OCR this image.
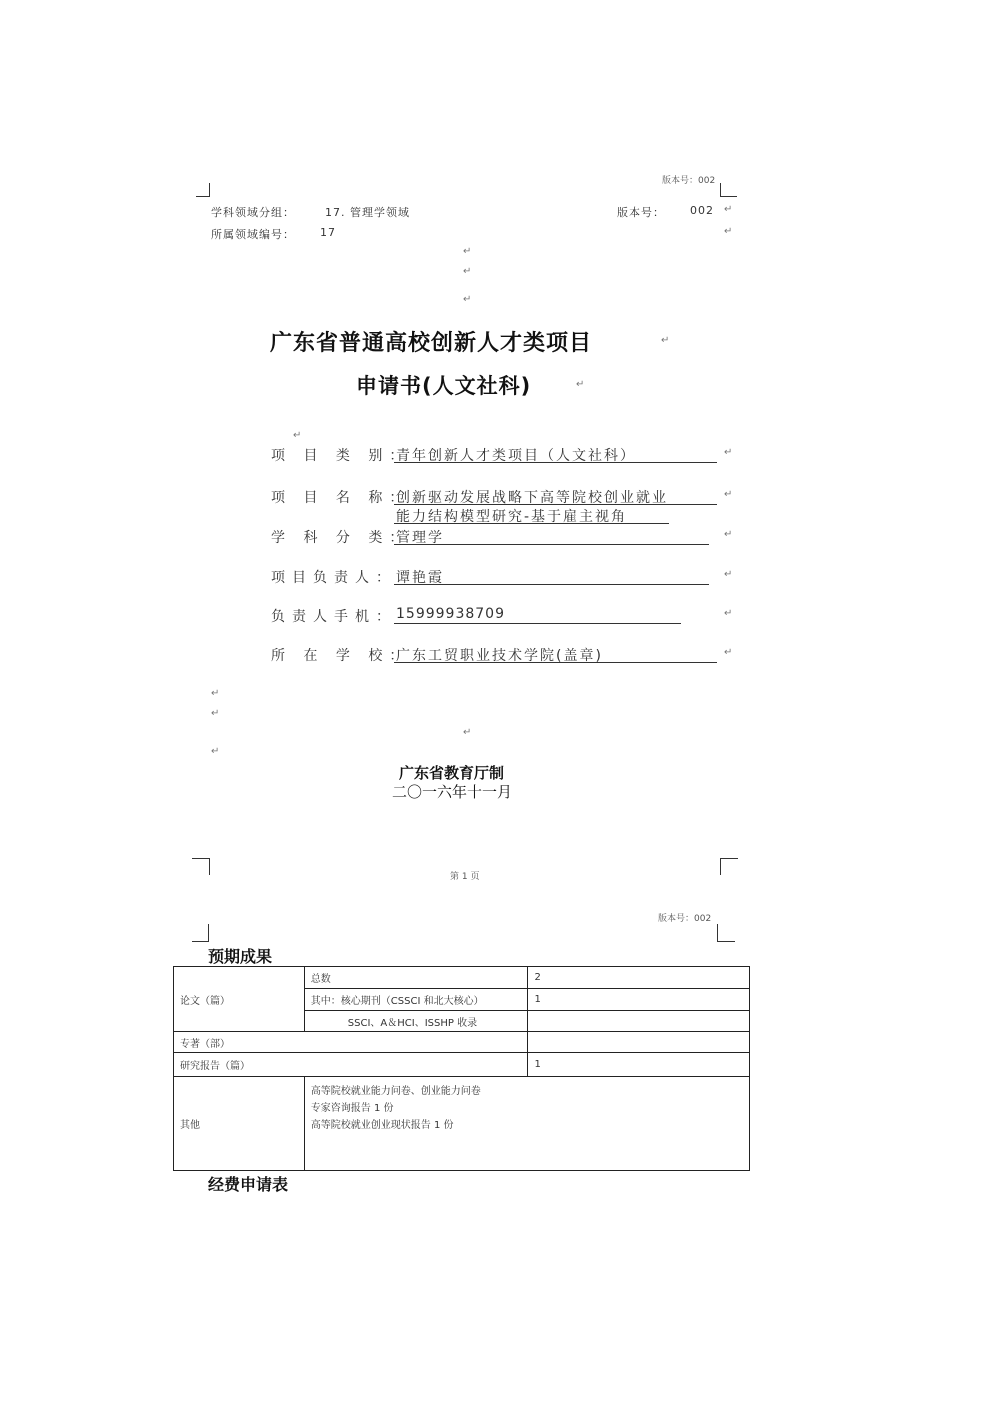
版本号：002
学科领域分组：	17. 管理学领域	版本号： 002 ↵
所属领域编号： 17	↵
↵
↵
↵
广东省普通高校创新人才类项目	↵
申请书(人文社科)	↵
↵
项 目 类 别：
青年创新人才类项目（人文社科）	↵
项 目 名 称：
创新驱动发展战略下高等院校创业就业
能力结构模型研究-基于雇主视角
↵
学 科 分 类：
管理学	↵
项目负责人： 谭艳霞	↵
负责人手机： 15999938709	↵
所 在 学 校：
广东工贸职业技术学院(盖章)	↵
↵
↵
↵
↵
广东省教育厅制
二〇一六年十一月
第 1 页
版本号：002
预期成果
论文（篇）	总数	2
	其中：核心期刊（CSSCI 和北大核心）	1
	SSCI、A＆HCI、ISSHP 收录	
专著（部）		
研究报告（篇）		1
其他	高等院校就业能力问卷、创业能力问卷
专家咨询报告 1 份
高等院校就业创业现状报告 1 份	
经费申请表
